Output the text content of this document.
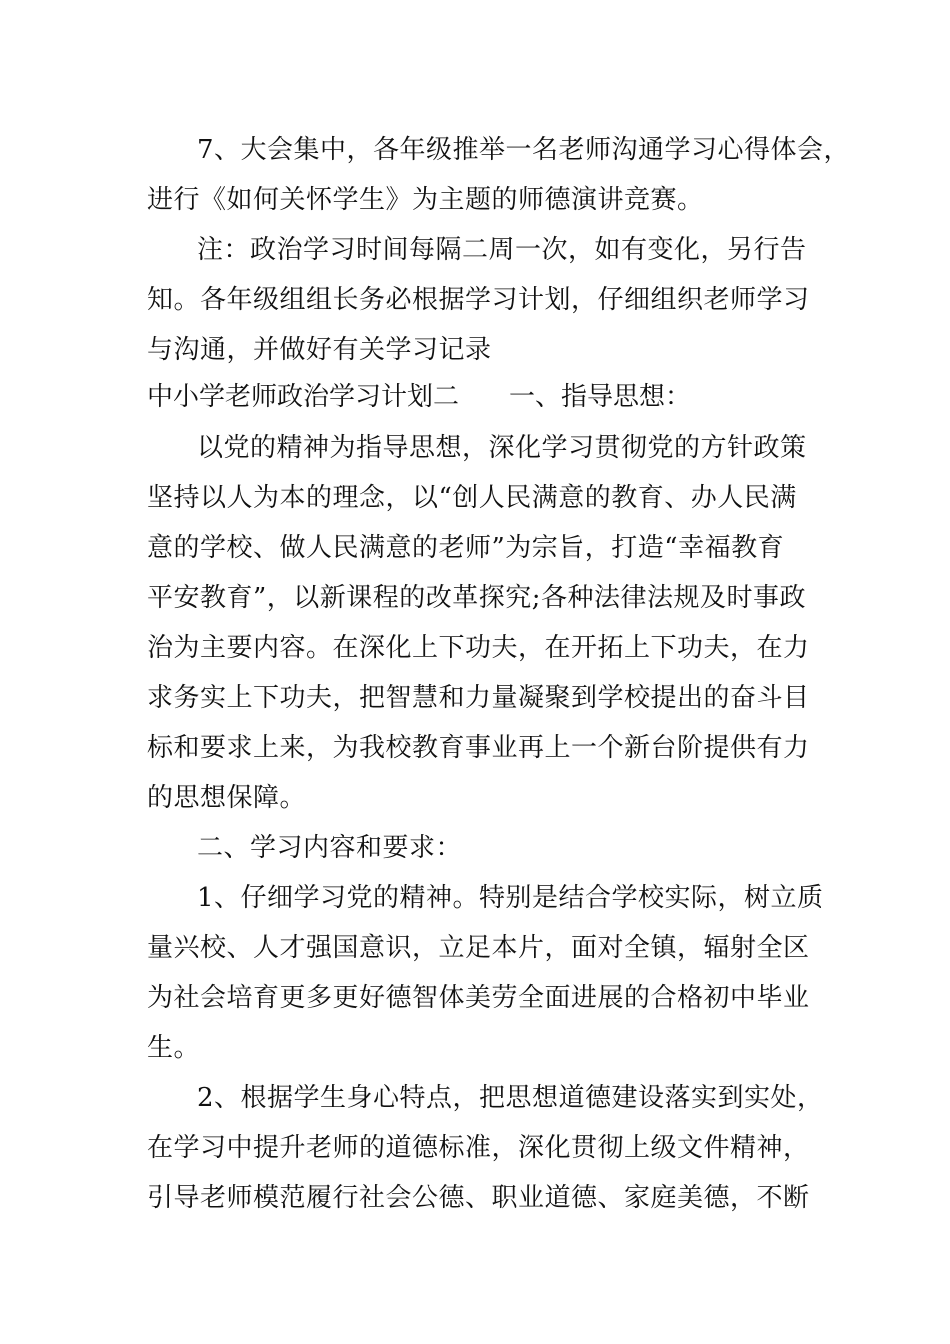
7、大会集中，各年级推举一名老师沟通学习心得体会，
进行《如何关怀学生》为主题的师德演讲竞赛。
注：政治学习时间每隔二周一次，如有变化，另行告
知。各年级组组长务必根据学习计划，仔细组织老师学习
与沟通，并做好有关学习记录
中小学老师政治学习计划二 一、指导思想：
以党的精神为指导思想，深化学习贯彻党的方针政策
坚持以人为本的理念，以“创人民满意的教育、办人民满
意的学校、做人民满意的老师”为宗旨，打造“幸福教育
平安教育”，以新课程的改革探究;各种法律法规及时事政
治为主要内容。在深化上下功夫，在开拓上下功夫，在力
求务实上下功夫，把智慧和力量凝聚到学校提出的奋斗目
标和要求上来，为我校教育事业再上一个新台阶提供有力
的思想保障。
二、学习内容和要求：
1、仔细学习党的精神。特别是结合学校实际，树立质
量兴校、人才强国意识，立足本片，面对全镇，辐射全区
为社会培育更多更好德智体美劳全面进展的合格初中毕业
生。
2、根据学生身心特点，把思想道德建设落实到实处，
在学习中提升老师的道德标准，深化贯彻上级文件精神，
引导老师模范履行社会公德、职业道德、家庭美德，不断
